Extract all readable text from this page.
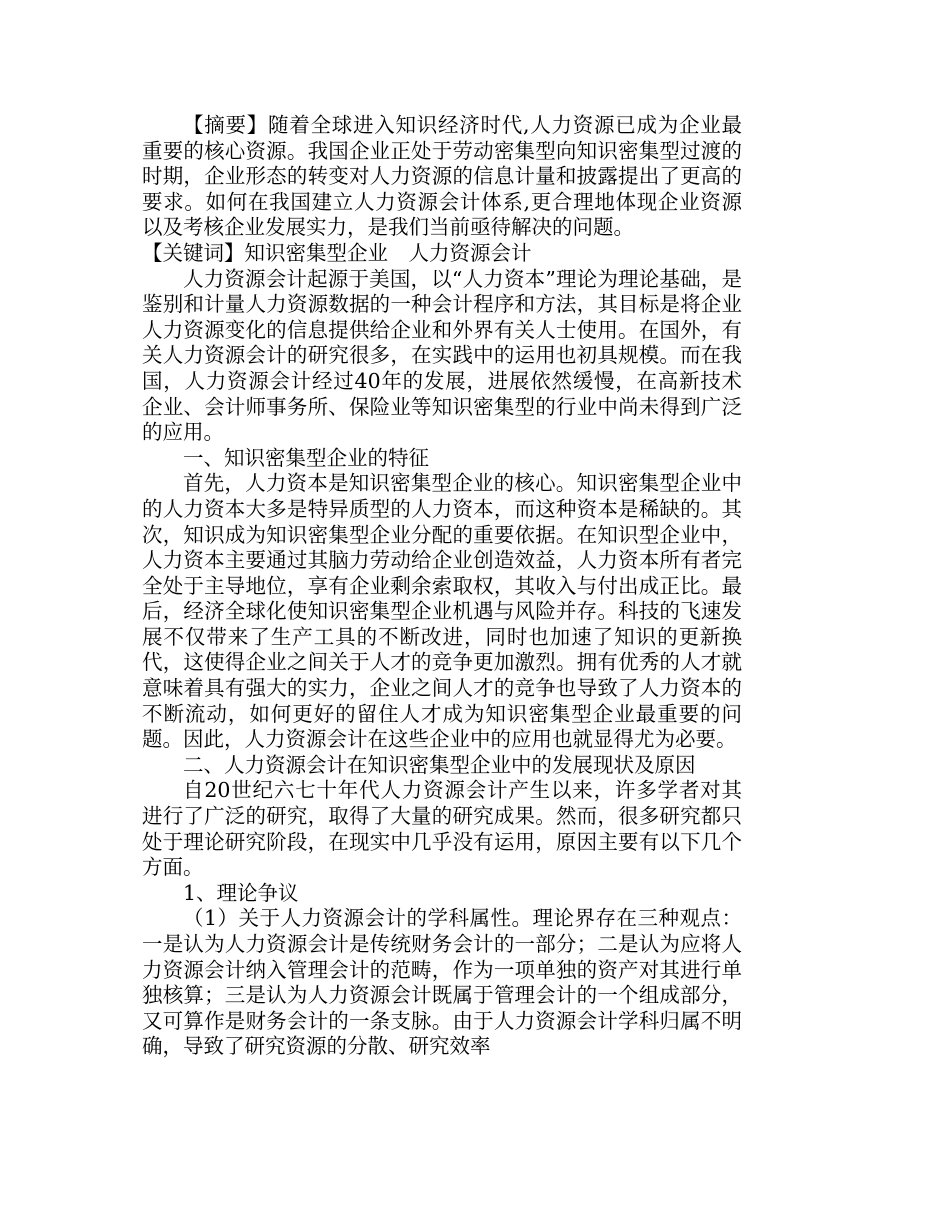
【摘要】随着全球进入知识经济时代,人力资源已成为企业最重要的核心资源。我国企业正处于劳动密集型向知识密集型过渡的时期，企业形态的转变对人力资源的信息计量和披露提出了更高的要求。如何在我国建立人力资源会计体系,更合理地体现企业资源以及考核企业发展实力，是我们当前亟待解决的问题。

【关键词】知识密集型企业　人力资源会计

人力资源会计起源于美国，以“人力资本”理论为理论基础，是鉴别和计量人力资源数据的一种会计程序和方法，其目标是将企业人力资源变化的信息提供给企业和外界有关人士使用。在国外，有关人力资源会计的研究很多，在实践中的运用也初具规模。而在我国，人力资源会计经过40年的发展，进展依然缓慢，在高新技术企业、会计师事务所、保险业等知识密集型的行业中尚未得到广泛的应用。

一、知识密集型企业的特征

首先，人力资本是知识密集型企业的核心。知识密集型企业中的人力资本大多是特异质型的人力资本，而这种资本是稀缺的。其次，知识成为知识密集型企业分配的重要依据。在知识型企业中，人力资本主要通过其脑力劳动给企业创造效益，人力资本所有者完全处于主导地位，享有企业剩余索取权，其收入与付出成正比。最后，经济全球化使知识密集型企业机遇与风险并存。科技的飞速发展不仅带来了生产工具的不断改进，同时也加速了知识的更新换代，这使得企业之间关于人才的竞争更加激烈。拥有优秀的人才就意味着具有强大的实力，企业之间人才的竞争也导致了人力资本的不断流动，如何更好的留住人才成为知识密集型企业最重要的问题。因此，人力资源会计在这些企业中的应用也就显得尤为必要。

二、人力资源会计在知识密集型企业中的发展现状及原因

自20世纪六七十年代人力资源会计产生以来，许多学者对其进行了广泛的研究，取得了大量的研究成果。然而，很多研究都只处于理论研究阶段，在现实中几乎没有运用，原因主要有以下几个方面。

1、理论争议

（1）关于人力资源会计的学科属性。理论界存在三种观点：一是认为人力资源会计是传统财务会计的一部分；二是认为应将人力资源会计纳入管理会计的范畴，作为一项单独的资产对其进行单独核算；三是认为人力资源会计既属于管理会计的一个组成部分，又可算作是财务会计的一条支脉。由于人力资源会计学科归属不明确，导致了研究资源的分散、研究效率
